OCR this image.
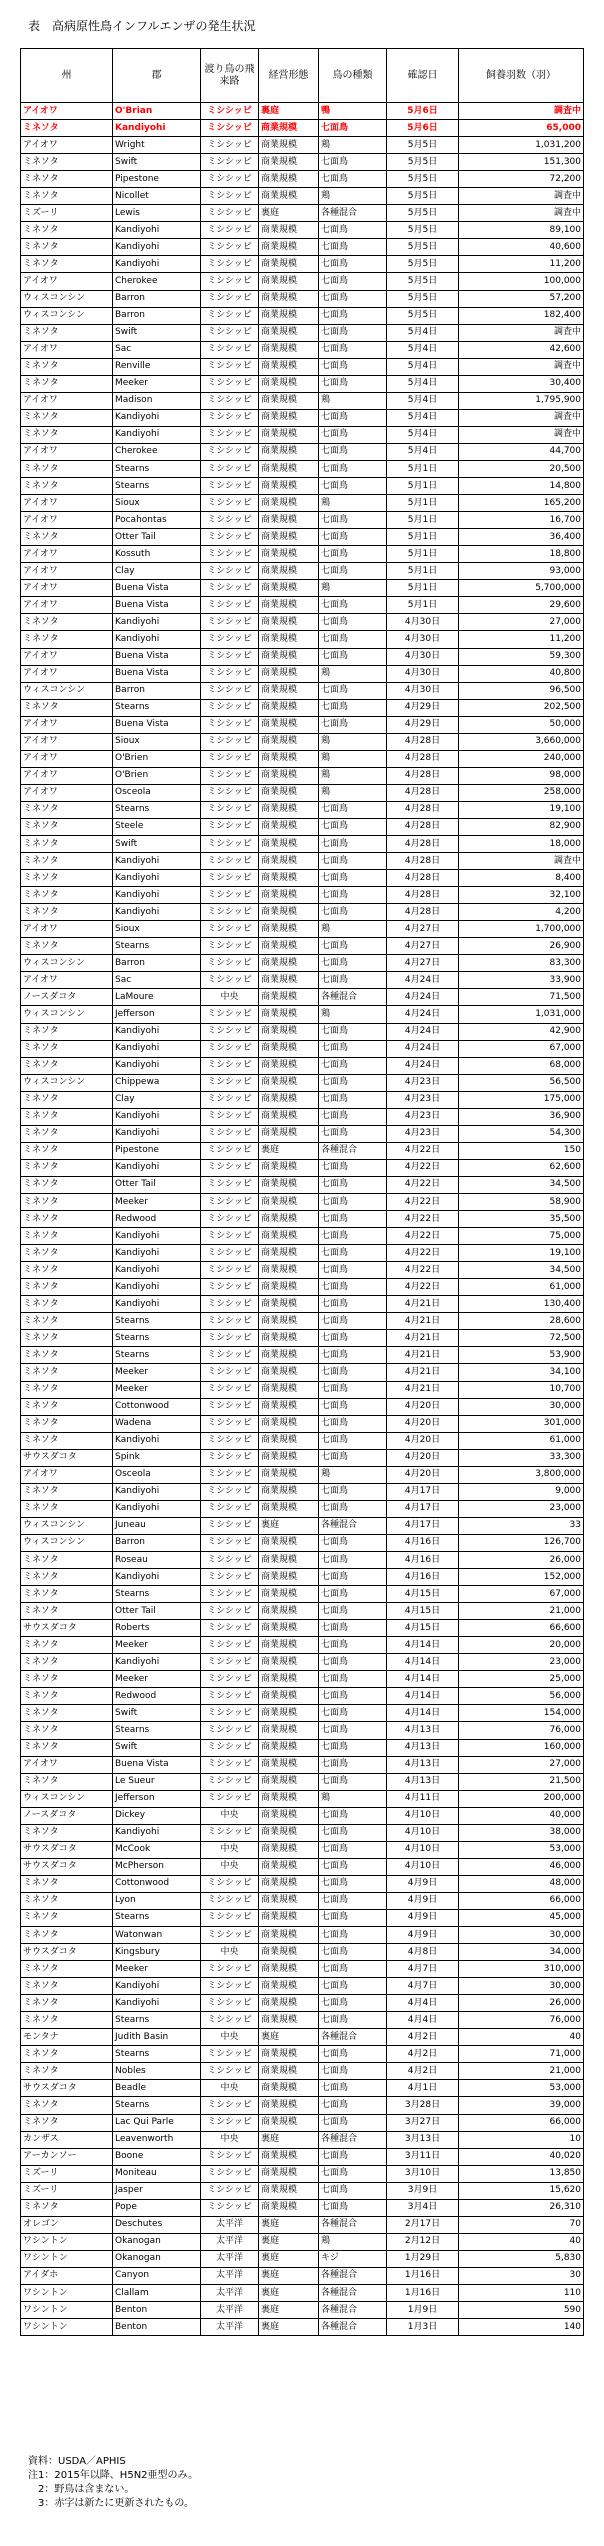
表　高病原性鳥インフルエンザの発生状況
州	郡	渡り鳥の飛来路	経営形態	鳥の種類	確認日	飼養羽数（羽）
アイオワ	O'Brian	ミシシッピ	裏庭	鴨	5月6日	調査中
ミネソタ	Kandiyohi	ミシシッピ	商業規模	七面鳥	5月6日	65,000
アイオワ	Wright	ミシシッピ	商業規模	鶏	5月5日	1,031,200
ミネソタ	Swift	ミシシッピ	商業規模	七面鳥	5月5日	151,300
ミネソタ	Pipestone	ミシシッピ	商業規模	七面鳥	5月5日	72,200
ミネソタ	Nicollet	ミシシッピ	商業規模	鶏	5月5日	調査中
ミズーリ	Lewis	ミシシッピ	裏庭	各種混合	5月5日	調査中
ミネソタ	Kandiyohi	ミシシッピ	商業規模	七面鳥	5月5日	89,100
ミネソタ	Kandiyohi	ミシシッピ	商業規模	七面鳥	5月5日	40,600
ミネソタ	Kandiyohi	ミシシッピ	商業規模	七面鳥	5月5日	11,200
アイオワ	Cherokee	ミシシッピ	商業規模	七面鳥	5月5日	100,000
ウィスコンシン	Barron	ミシシッピ	商業規模	七面鳥	5月5日	57,200
ウィスコンシン	Barron	ミシシッピ	商業規模	七面鳥	5月5日	182,400
ミネソタ	Swift	ミシシッピ	商業規模	七面鳥	5月4日	調査中
アイオワ	Sac	ミシシッピ	商業規模	七面鳥	5月4日	42,600
ミネソタ	Renville	ミシシッピ	商業規模	七面鳥	5月4日	調査中
ミネソタ	Meeker	ミシシッピ	商業規模	七面鳥	5月4日	30,400
アイオワ	Madison	ミシシッピ	商業規模	鶏	5月4日	1,795,900
ミネソタ	Kandiyohi	ミシシッピ	商業規模	七面鳥	5月4日	調査中
ミネソタ	Kandiyohi	ミシシッピ	商業規模	七面鳥	5月4日	調査中
アイオワ	Cherokee	ミシシッピ	商業規模	七面鳥	5月4日	44,700
ミネソタ	Stearns	ミシシッピ	商業規模	七面鳥	5月1日	20,500
ミネソタ	Stearns	ミシシッピ	商業規模	七面鳥	5月1日	14,800
アイオワ	Sioux	ミシシッピ	商業規模	鶏	5月1日	165,200
アイオワ	Pocahontas	ミシシッピ	商業規模	七面鳥	5月1日	16,700
ミネソタ	Otter Tail	ミシシッピ	商業規模	七面鳥	5月1日	36,400
アイオワ	Kossuth	ミシシッピ	商業規模	七面鳥	5月1日	18,800
アイオワ	Clay	ミシシッピ	商業規模	七面鳥	5月1日	93,000
アイオワ	Buena Vista	ミシシッピ	商業規模	鶏	5月1日	5,700,000
アイオワ	Buena Vista	ミシシッピ	商業規模	七面鳥	5月1日	29,600
ミネソタ	Kandiyohi	ミシシッピ	商業規模	七面鳥	4月30日	27,000
ミネソタ	Kandiyohi	ミシシッピ	商業規模	七面鳥	4月30日	11,200
アイオワ	Buena Vista	ミシシッピ	商業規模	七面鳥	4月30日	59,300
アイオワ	Buena Vista	ミシシッピ	商業規模	鶏	4月30日	40,800
ウィスコンシン	Barron	ミシシッピ	商業規模	七面鳥	4月30日	96,500
ミネソタ	Stearns	ミシシッピ	商業規模	七面鳥	4月29日	202,500
アイオワ	Buena Vista	ミシシッピ	商業規模	七面鳥	4月29日	50,000
アイオワ	Sioux	ミシシッピ	商業規模	鶏	4月28日	3,660,000
アイオワ	O'Brien	ミシシッピ	商業規模	鶏	4月28日	240,000
アイオワ	O'Brien	ミシシッピ	商業規模	鶏	4月28日	98,000
アイオワ	Osceola	ミシシッピ	商業規模	鶏	4月28日	258,000
ミネソタ	Stearns	ミシシッピ	商業規模	七面鳥	4月28日	19,100
ミネソタ	Steele	ミシシッピ	商業規模	七面鳥	4月28日	82,900
ミネソタ	Swift	ミシシッピ	商業規模	七面鳥	4月28日	18,000
ミネソタ	Kandiyohi	ミシシッピ	商業規模	七面鳥	4月28日	調査中
ミネソタ	Kandiyohi	ミシシッピ	商業規模	七面鳥	4月28日	8,400
ミネソタ	Kandiyohi	ミシシッピ	商業規模	七面鳥	4月28日	32,100
ミネソタ	Kandiyohi	ミシシッピ	商業規模	七面鳥	4月28日	4,200
アイオワ	Sioux	ミシシッピ	商業規模	鶏	4月27日	1,700,000
ミネソタ	Stearns	ミシシッピ	商業規模	七面鳥	4月27日	26,900
ウィスコンシン	Barron	ミシシッピ	商業規模	七面鳥	4月27日	83,300
アイオワ	Sac	ミシシッピ	商業規模	七面鳥	4月24日	33,900
ノースダコタ	LaMoure	中央	商業規模	各種混合	4月24日	71,500
ウィスコンシン	Jefferson	ミシシッピ	商業規模	鶏	4月24日	1,031,000
ミネソタ	Kandiyohi	ミシシッピ	商業規模	七面鳥	4月24日	42,900
ミネソタ	Kandiyohi	ミシシッピ	商業規模	七面鳥	4月24日	67,000
ミネソタ	Kandiyohi	ミシシッピ	商業規模	七面鳥	4月24日	68,000
ウィスコンシン	Chippewa	ミシシッピ	商業規模	七面鳥	4月23日	56,500
ミネソタ	Clay	ミシシッピ	商業規模	七面鳥	4月23日	175,000
ミネソタ	Kandiyohi	ミシシッピ	商業規模	七面鳥	4月23日	36,900
ミネソタ	Kandiyohi	ミシシッピ	商業規模	七面鳥	4月23日	54,300
ミネソタ	Pipestone	ミシシッピ	裏庭	各種混合	4月22日	150
ミネソタ	Kandiyohi	ミシシッピ	商業規模	七面鳥	4月22日	62,600
ミネソタ	Otter Tail	ミシシッピ	商業規模	七面鳥	4月22日	34,500
ミネソタ	Meeker	ミシシッピ	商業規模	七面鳥	4月22日	58,900
ミネソタ	Redwood	ミシシッピ	商業規模	七面鳥	4月22日	35,500
ミネソタ	Kandiyohi	ミシシッピ	商業規模	七面鳥	4月22日	75,000
ミネソタ	Kandiyohi	ミシシッピ	商業規模	七面鳥	4月22日	19,100
ミネソタ	Kandiyohi	ミシシッピ	商業規模	七面鳥	4月22日	34,500
ミネソタ	Kandiyohi	ミシシッピ	商業規模	七面鳥	4月22日	61,000
ミネソタ	Kandiyohi	ミシシッピ	商業規模	七面鳥	4月21日	130,400
ミネソタ	Stearns	ミシシッピ	商業規模	七面鳥	4月21日	28,600
ミネソタ	Stearns	ミシシッピ	商業規模	七面鳥	4月21日	72,500
ミネソタ	Stearns	ミシシッピ	商業規模	七面鳥	4月21日	53,900
ミネソタ	Meeker	ミシシッピ	商業規模	七面鳥	4月21日	34,100
ミネソタ	Meeker	ミシシッピ	商業規模	七面鳥	4月21日	10,700
ミネソタ	Cottonwood	ミシシッピ	商業規模	七面鳥	4月20日	30,000
ミネソタ	Wadena	ミシシッピ	商業規模	七面鳥	4月20日	301,000
ミネソタ	Kandiyohi	ミシシッピ	商業規模	七面鳥	4月20日	61,000
サウスダコタ	Spink	ミシシッピ	商業規模	七面鳥	4月20日	33,300
アイオワ	Osceola	ミシシッピ	商業規模	鶏	4月20日	3,800,000
ミネソタ	Kandiyohi	ミシシッピ	商業規模	七面鳥	4月17日	9,000
ミネソタ	Kandiyohi	ミシシッピ	商業規模	七面鳥	4月17日	23,000
ウィスコンシン	Juneau	ミシシッピ	裏庭	各種混合	4月17日	33
ウィスコンシン	Barron	ミシシッピ	商業規模	七面鳥	4月16日	126,700
ミネソタ	Roseau	ミシシッピ	商業規模	七面鳥	4月16日	26,000
ミネソタ	Kandiyohi	ミシシッピ	商業規模	七面鳥	4月16日	152,000
ミネソタ	Stearns	ミシシッピ	商業規模	七面鳥	4月15日	67,000
ミネソタ	Otter Tail	ミシシッピ	商業規模	七面鳥	4月15日	21,000
サウスダコタ	Roberts	ミシシッピ	商業規模	七面鳥	4月15日	66,600
ミネソタ	Meeker	ミシシッピ	商業規模	七面鳥	4月14日	20,000
ミネソタ	Kandiyohi	ミシシッピ	商業規模	七面鳥	4月14日	23,000
ミネソタ	Meeker	ミシシッピ	商業規模	七面鳥	4月14日	25,000
ミネソタ	Redwood	ミシシッピ	商業規模	七面鳥	4月14日	56,000
ミネソタ	Swift	ミシシッピ	商業規模	七面鳥	4月14日	154,000
ミネソタ	Stearns	ミシシッピ	商業規模	七面鳥	4月13日	76,000
ミネソタ	Swift	ミシシッピ	商業規模	七面鳥	4月13日	160,000
アイオワ	Buena Vista	ミシシッピ	商業規模	七面鳥	4月13日	27,000
ミネソタ	Le Sueur	ミシシッピ	商業規模	七面鳥	4月13日	21,500
ウィスコンシン	Jefferson	ミシシッピ	商業規模	鶏	4月11日	200,000
ノースダコタ	Dickey	中央	商業規模	七面鳥	4月10日	40,000
ミネソタ	Kandiyohi	ミシシッピ	商業規模	七面鳥	4月10日	38,000
サウスダコタ	McCook	中央	商業規模	七面鳥	4月10日	53,000
サウスダコタ	McPherson	中央	商業規模	七面鳥	4月10日	46,000
ミネソタ	Cottonwood	ミシシッピ	商業規模	七面鳥	4月9日	48,000
ミネソタ	Lyon	ミシシッピ	商業規模	七面鳥	4月9日	66,000
ミネソタ	Stearns	ミシシッピ	商業規模	七面鳥	4月9日	45,000
ミネソタ	Watonwan	ミシシッピ	商業規模	七面鳥	4月9日	30,000
サウスダコタ	Kingsbury	中央	商業規模	七面鳥	4月8日	34,000
ミネソタ	Meeker	ミシシッピ	商業規模	七面鳥	4月7日	310,000
ミネソタ	Kandiyohi	ミシシッピ	商業規模	七面鳥	4月7日	30,000
ミネソタ	Kandiyohi	ミシシッピ	商業規模	七面鳥	4月4日	26,000
ミネソタ	Stearns	ミシシッピ	商業規模	七面鳥	4月4日	76,000
モンタナ	Judith Basin	中央	裏庭	各種混合	4月2日	40
ミネソタ	Stearns	ミシシッピ	商業規模	七面鳥	4月2日	71,000
ミネソタ	Nobles	ミシシッピ	商業規模	七面鳥	4月2日	21,000
サウスダコタ	Beadle	中央	商業規模	七面鳥	4月1日	53,000
ミネソタ	Stearns	ミシシッピ	商業規模	七面鳥	3月28日	39,000
ミネソタ	Lac Qui Parle	ミシシッピ	商業規模	七面鳥	3月27日	66,000
カンザス	Leavenworth	中央	裏庭	各種混合	3月13日	10
アーカンソー	Boone	ミシシッピ	商業規模	七面鳥	3月11日	40,020
ミズーリ	Moniteau	ミシシッピ	商業規模	七面鳥	3月10日	13,850
ミズーリ	Jasper	ミシシッピ	商業規模	七面鳥	3月9日	15,620
ミネソタ	Pope	ミシシッピ	商業規模	七面鳥	3月4日	26,310
オレゴン	Deschutes	太平洋	裏庭	各種混合	2月17日	70
ワシントン	Okanogan	太平洋	裏庭	鶏	2月12日	40
ワシントン	Okanogan	太平洋	裏庭	キジ	1月29日	5,830
アイダホ	Canyon	太平洋	裏庭	各種混合	1月16日	30
ワシントン	Clallam	太平洋	裏庭	各種混合	1月16日	110
ワシントン	Benton	太平洋	裏庭	各種混合	1月9日	590
ワシントン	Benton	太平洋	裏庭	各種混合	1月3日	140
資料：USDA／APHIS
注1：2015年以降、H5N2亜型のみ。
　2：野鳥は含まない。
　3：赤字は新たに更新されたもの。
